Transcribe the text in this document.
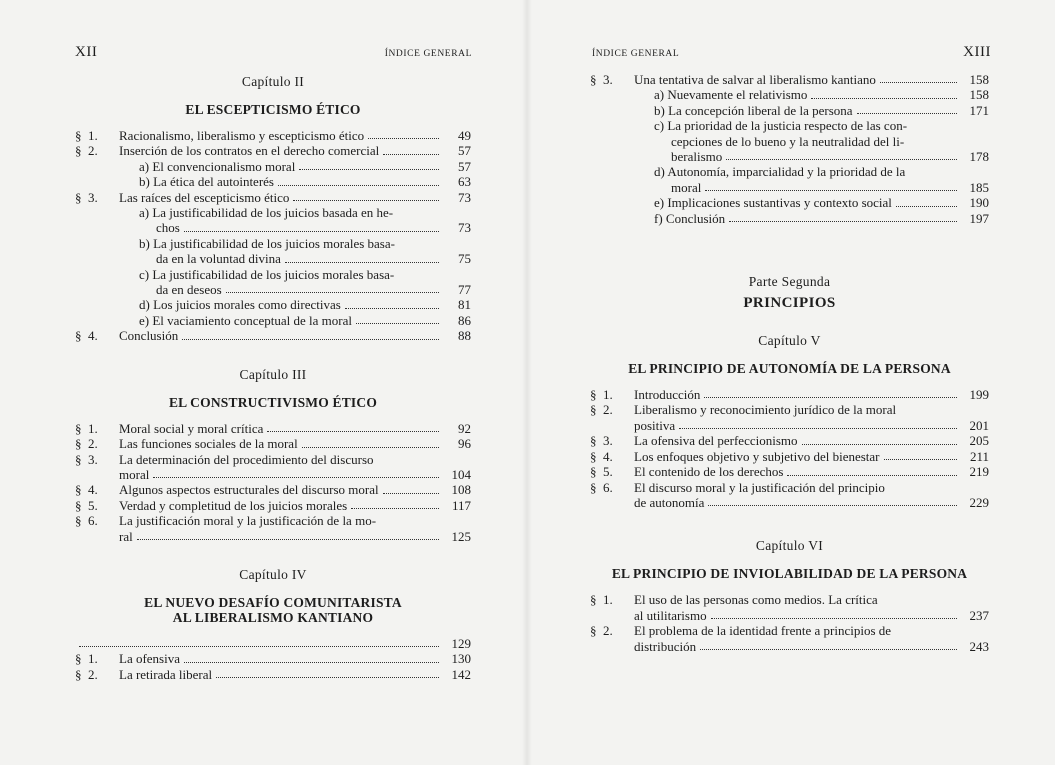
XII	ÍNDICE GENERAL
Capítulo II
EL ESCEPTICISMO ÉTICO
§  1.	Racionalismo, liberalismo y escepticismo ético	49
§  2.	Inserción de los contratos en el derecho comercial	57
a) El convencionalismo moral	57
b) La ética del autointerés	63
§  3.	Las raíces del escepticismo ético	73
a) La justificabilidad de los juicios basada en he-
chos	73
b) La justificabilidad de los juicios morales basa-
da en la voluntad divina	75
c) La justificabilidad de los juicios morales basa-
da en deseos	77
d) Los juicios morales como directivas	81
e) El vaciamiento conceptual de la moral	86
§  4.	Conclusión	88
Capítulo III
EL CONSTRUCTIVISMO ÉTICO
§  1.	Moral social y moral crítica	92
§  2.	Las funciones sociales de la moral	96
§  3.	La determinación del procedimiento del discurso
moral	104
§  4.	Algunos aspectos estructurales del discurso moral	108
§  5.	Verdad y completitud de los juicios morales	117
§  6.	La justificación moral y la justificación de la mo-
ral	125
Capítulo IV
EL NUEVO DESAFÍO COMUNITARISTA
AL LIBERALISMO KANTIANO
129
§  1.	La ofensiva	130
§  2.	La retirada liberal	142
ÍNDICE GENERAL	XIII
§  3.	Una tentativa de salvar al liberalismo kantiano	158
a) Nuevamente el relativismo	158
b) La concepción liberal de la persona	171
c) La prioridad de la justicia respecto de las con-
cepciones de lo bueno y la neutralidad del li-
beralismo	178
d) Autonomía, imparcialidad y la prioridad de la
moral	185
e) Implicaciones sustantivas y contexto social	190
f) Conclusión	197
Parte Segunda
PRINCIPIOS
Capítulo V
EL PRINCIPIO DE AUTONOMÍA DE LA PERSONA
§  1.	Introducción	199
§  2.	Liberalismo y reconocimiento jurídico de la moral
positiva	201
§  3.	La ofensiva del perfeccionismo	205
§  4.	Los enfoques objetivo y subjetivo del bienestar	211
§  5.	El contenido de los derechos	219
§  6.	El discurso moral y la justificación del principio
de autonomía	229
Capítulo VI
EL PRINCIPIO DE INVIOLABILIDAD DE LA PERSONA
§  1.	El uso de las personas como medios. La crítica
al utilitarismo	237
§  2.	El problema de la identidad frente a principios de
distribución	243
